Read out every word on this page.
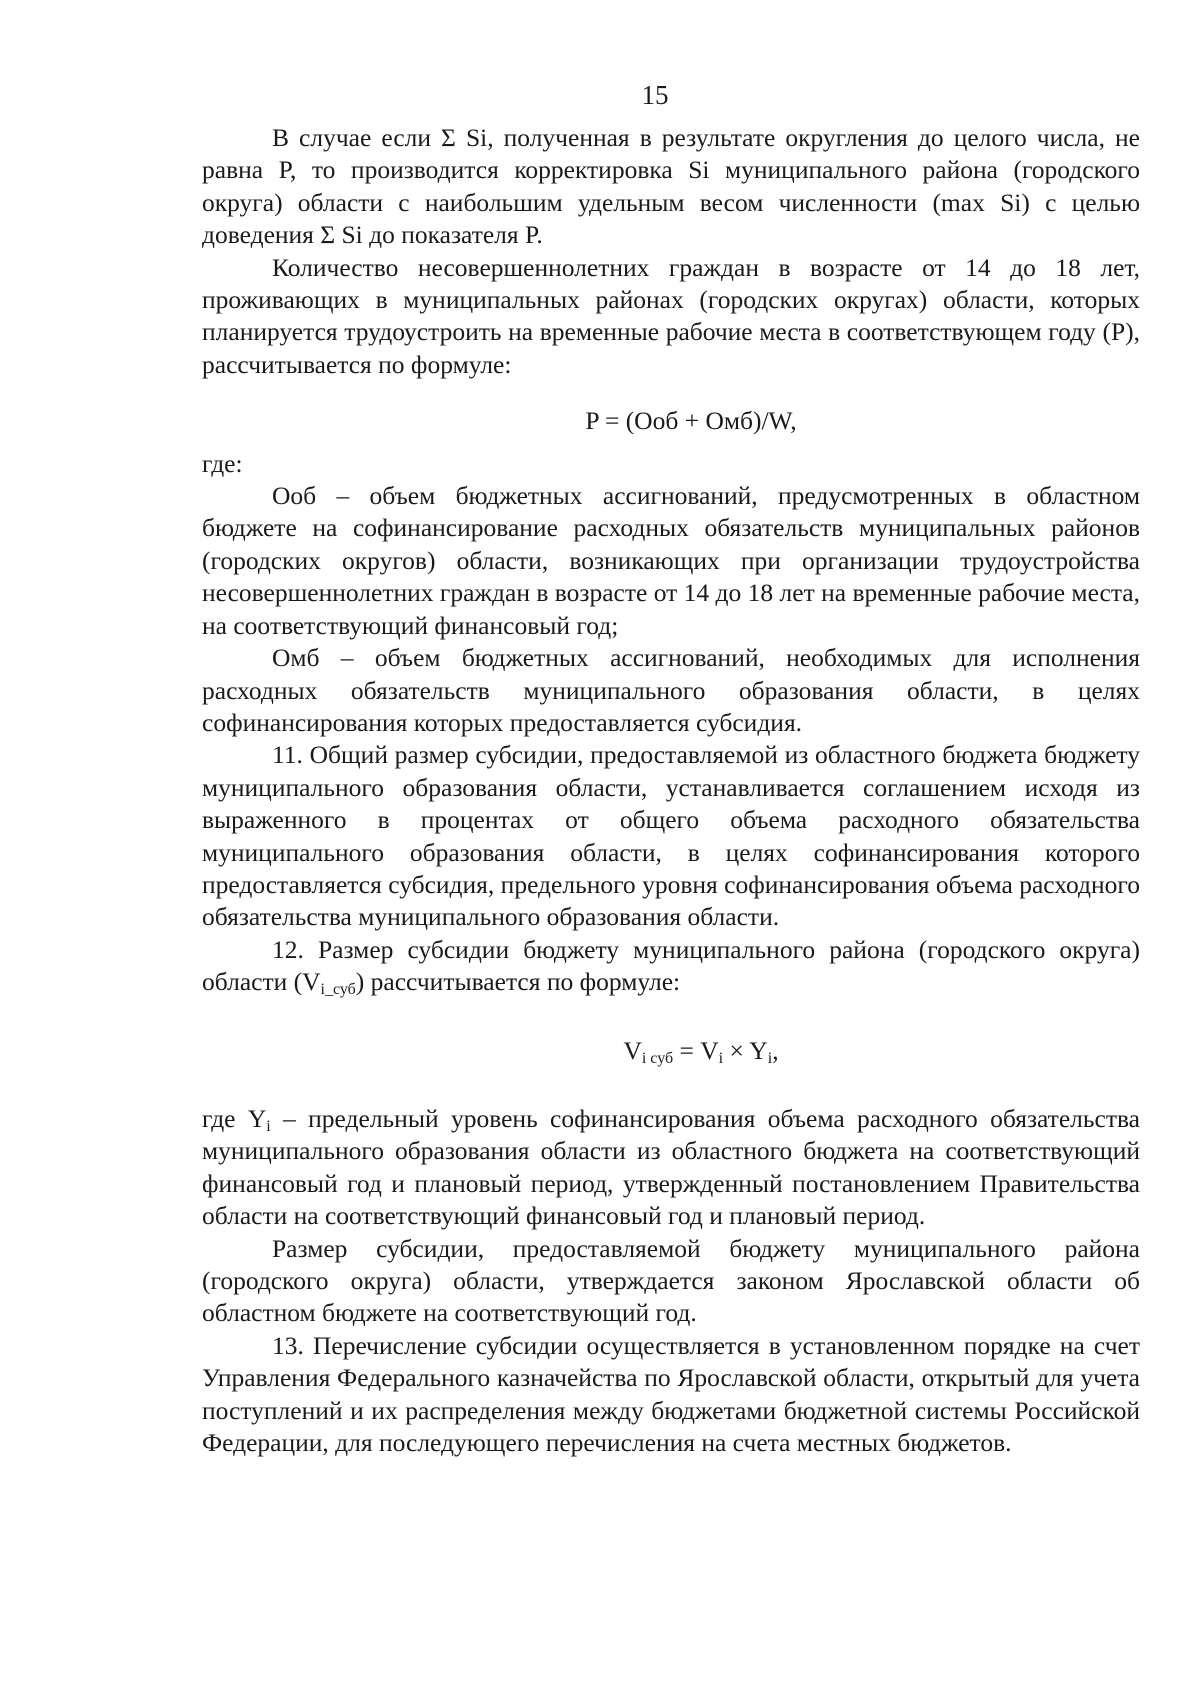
15

В случае если Σ Si, полученная в результате округления до целого числа, не равна P, то производится корректировка Si муниципального района (городского округа) области с наибольшим удельным весом численности (max Si) с целью доведения Σ Si до показателя P.

Количество несовершеннолетних граждан в возрасте от 14 до 18 лет, проживающих в муниципальных районах (городских округах) области, которых планируется трудоустроить на временные рабочие места в соответствующем году (P), рассчитывается по формуле:

P = (Ооб + Омб)/W,

где:

Ооб – объем бюджетных ассигнований, предусмотренных в областном бюджете на софинансирование расходных обязательств муниципальных районов (городских округов) области, возникающих при организации трудоустройства несовершеннолетних граждан в возрасте от 14 до 18 лет на временные рабочие места, на соответствующий финансовый год;

Омб – объем бюджетных ассигнований, необходимых для исполнения расходных обязательств муниципального образования области, в целях софинансирования которых предоставляется субсидия.

11. Общий размер субсидии, предоставляемой из областного бюджета бюджету муниципального образования области, устанавливается соглашением исходя из выраженного в процентах от общего объема расходного обязательства муниципального образования области, в целях софинансирования которого предоставляется субсидия, предельного уровня софинансирования объема расходного обязательства муниципального образования области.

12. Размер субсидии бюджету муниципального района (городского округа) области $(V_{i\_суб})$ рассчитывается по формуле:

$V_{i суб} = V_i \times Y_i$,

где $Y_i$ – предельный уровень софинансирования объема расходного обязательства муниципального образования области из областного бюджета на соответствующий финансовый год и плановый период, утвержденный постановлением Правительства области на соответствующий финансовый год и плановый период.

Размер субсидии, предоставляемой бюджету муниципального района (городского округа) области, утверждается законом Ярославской области об областном бюджете на соответствующий год.

13. Перечисление субсидии осуществляется в установленном порядке на счет Управления Федерального казначейства по Ярославской области, открытый для учета поступлений и их распределения между бюджетами бюджетной системы Российской Федерации, для последующего перечисления на счета местных бюджетов.
